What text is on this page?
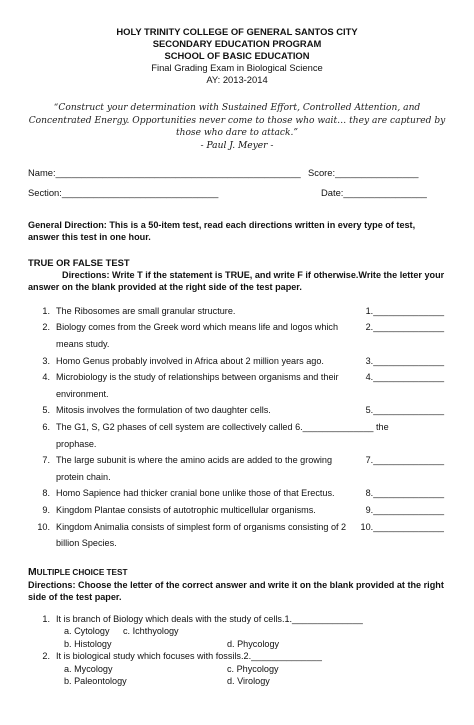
HOLY TRINITY COLLEGE OF GENERAL SANTOS CITY
SECONDARY EDUCATION PROGRAM
SCHOOL OF BASIC EDUCATION
Final Grading Exam in Biological Science
AY: 2013-2014
“Construct your determination with Sustained Effort, Controlled Attention, and Concentrated Energy. Opportunities never come to those who wait… they are captured by those who dare to attack.”
- Paul J. Meyer -
Name:_______________________________________________ Score:________________
Section:______________________________	Date:________________
General Direction: This is a 50-item test, read each directions written in every type of test, answer this test in one hour.
TRUE OR FALSE TEST
Directions: Write T if the statement is TRUE, and write F if otherwise.Write the letter your answer on the blank provided at the right side of the test paper.
1. The Ribosomes are small granular structure.	1.______________
2. Biology comes from the Greek word which means life and logos which means study.
2.______________
3. Homo Genus probably involved in Africa about 2 million years ago.	3.______________
4. Microbiology is the study of relationships between organisms and their environment.
4.______________
5. Mitosis involves the formulation of two daughter cells.	5.______________
6. The G1, S, G2 phases of cell system are collectively called 6.______________ the prophase.
7. The large subunit is where the amino acids are added to the growing protein chain.
7.______________
8. Homo Sapience had thicker cranial bone unlike those of that Erectus.	8.______________
9. Kingdom Plantae consists of autotrophic multicellular organisms.	9.______________
10. Kingdom Animalia consists of simplest form of organisms consisting of 2 billion Species.
10.______________
MULTIPLE CHOICE TEST
Directions: Choose the letter of the correct answer and write it on the blank provided at the right side of the test paper.
1. It is branch of Biology which deals with the study of cells.1.______________
a. Cytology c. Ichthyology
b. Histology	d. Phycology
2. It is biological study which focuses with fossils.2.______________
a. Mycology	c. Phycology
b. Paleontology	d. Virology
